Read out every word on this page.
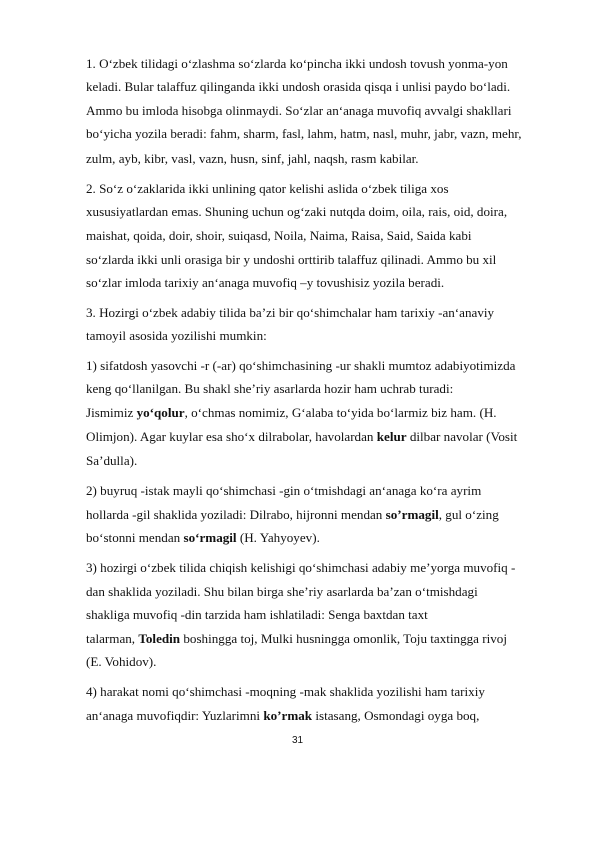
1. O‘zbek tilidagi o‘zlashma so‘zlarda ko‘pincha ikki undosh tovush yonma-yon
keladi. Bular talaffuz qilinganda ikki undosh orasida qisqa i unlisi paydo bo‘ladi.
Ammo bu imloda hisobga olinmaydi. So‘zlar an‘anaga muvofiq avvalgi shakllari
bo‘yicha yozila beradi: fahm, sharm, fasl, lahm, hatm, nasl, muhr, jabr, vazn, mehr,
zulm, ayb, kibr, vasl, vazn, husn, sinf, jahl, naqsh, rasm kabilar.
2. So‘z o‘zaklarida ikki unlining qator kelishi aslida o‘zbek tiliga xos
xususiyatlardan emas. Shuning uchun og‘zaki nutqda doim, oila, rais, oid, doira,
maishat, qoida, doir, shoir, suiqasd, Noila, Naima, Raisa, Said, Saida kabi
so‘zlarda ikki unli orasiga bir y undoshi orttirib talaffuz qilinadi. Ammo bu xil
so‘zlar imloda tarixiy an‘anaga muvofiq –y tovushisiz yozila beradi.
3. Hozirgi o‘zbek adabiy tilida ba’zi bir qo‘shimchalar ham tarixiy -an‘anaviy
tamoyil asosida yozilishi mumkin:
1) sifatdosh yasovchi -r (-ar) qo‘shimchasining -ur shakli mumtoz adabiyotimizda
keng qo‘llanilgan. Bu shakl she’riy asarlarda hozir ham uchrab turadi:
Jismimiz yo‘qolur, o‘chmas nomimiz, G‘alaba to‘yida bo‘larmiz biz ham. (H.
Olimjon). Agar kuylar esa sho‘x dilrabolar, havolardan kelur dilbar navolar (Vosit
Sa’dulla).
2) buyruq -istak mayli qo‘shimchasi -gin o‘tmishdagi an‘anaga ko‘ra ayrim
hollarda -gil shaklida yoziladi: Dilrabo, hijronni mendan so’rmagil, gul o‘zing
bo‘stonni mendan so‘rmagil (H. Yahyoyev).
3) hozirgi o‘zbek tilida chiqish kelishigi qo‘shimchasi adabiy me’yorga muvofiq -
dan shaklida yoziladi. Shu bilan birga she’riy asarlarda ba’zan o‘tmishdagi
shakliga muvofiq -din tarzida ham ishlatiladi: Senga baxtdan taxt
talarman, Toledin boshingga toj, Mulki husningga omonlik, Toju taxtingga rivoj
(E. Vohidov).
4) harakat nomi qo‘shimchasi -moqning -mak shaklida yozilishi ham tarixiy
an‘anaga muvofiqdir: Yuzlarimni ko’rmak istasang, Osmondagi oyga boq,
31
